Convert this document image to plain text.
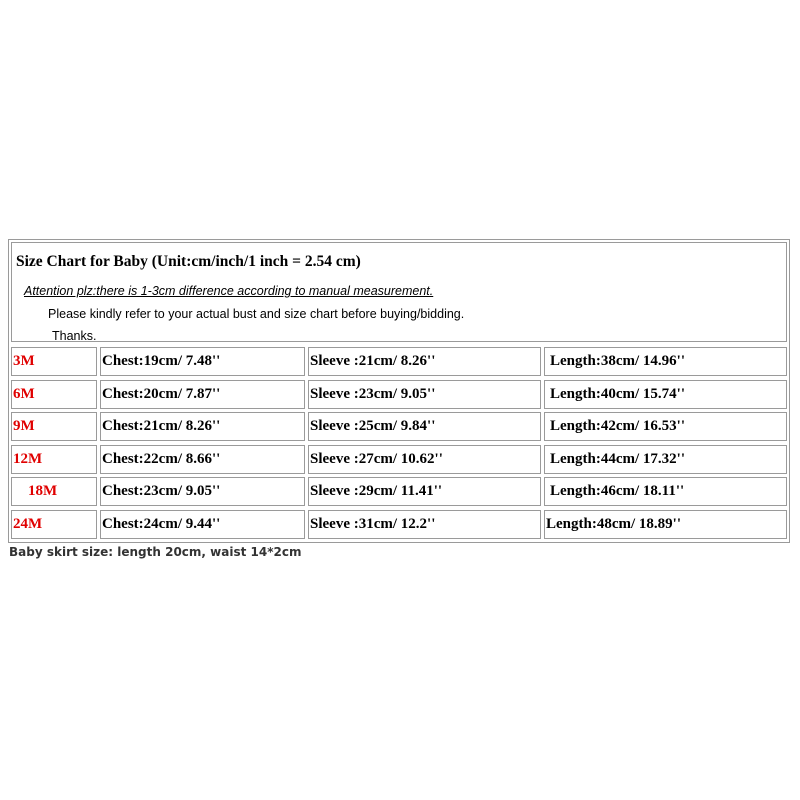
Size Chart for Baby (Unit:cm/inch/1 inch = 2.54 cm)
Attention plz:there is 1-3cm difference according to manual measurement.
Please kindly refer to your actual bust and size chart before buying/bidding.
Thanks.
3M	Chest:19cm/ 7.48''	Sleeve :21cm/ 8.26''	Length:38cm/ 14.96''
6M	Chest:20cm/ 7.87''	Sleeve :23cm/ 9.05''	Length:40cm/ 15.74''
9M	Chest:21cm/ 8.26''	Sleeve :25cm/ 9.84''	Length:42cm/ 16.53''
12M	Chest:22cm/ 8.66''	Sleeve :27cm/ 10.62''	Length:44cm/ 17.32''
18M	Chest:23cm/ 9.05''	Sleeve :29cm/ 11.41''	Length:46cm/ 18.11''
24M	Chest:24cm/ 9.44''	Sleeve :31cm/ 12.2''	Length:48cm/ 18.89''
Baby skirt size: length 20cm, waist 14*2cm
